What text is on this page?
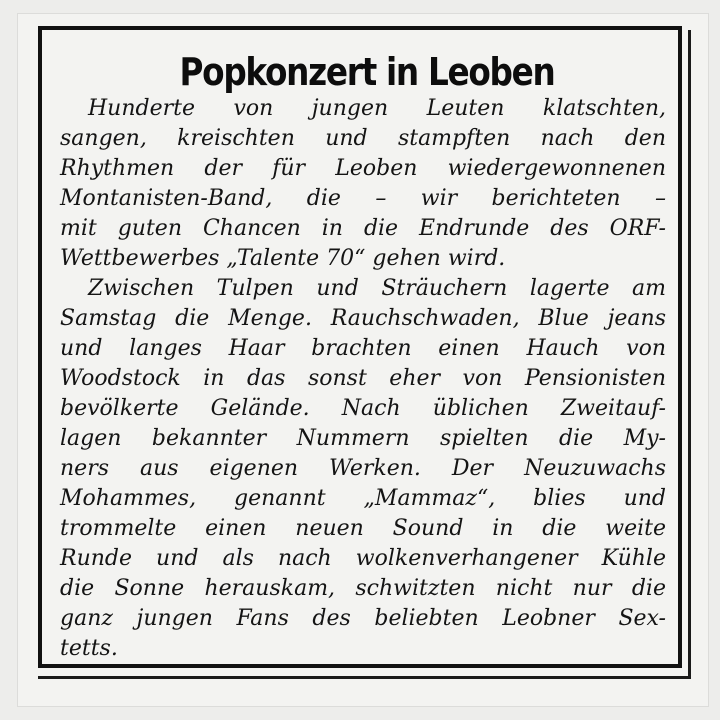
Popkonzert in Leoben
Hunderte von jungen Leuten klatschten,
sangen, kreischten und stampften nach den
Rhythmen der für Leoben wiedergewonnenen
Montanisten-Band, die – wir berichteten –
mit guten Chancen in die Endrunde des ORF-
Wettbewerbes „Talente 70“ gehen wird.
Zwischen Tulpen und Sträuchern lagerte am
Samstag die Menge. Rauchschwaden, Blue jeans
und langes Haar brachten einen Hauch von
Woodstock in das sonst eher von Pensionisten
bevölkerte Gelände. Nach üblichen Zweitauf-
lagen bekannter Nummern spielten die My-
ners aus eigenen Werken. Der Neuzuwachs
Mohammes, genannt „Mammaz“, blies und
trommelte einen neuen Sound in die weite
Runde und als nach wolkenverhangener Kühle
die Sonne herauskam, schwitzten nicht nur die
ganz jungen Fans des beliebten Leobner Sex-
tetts.
